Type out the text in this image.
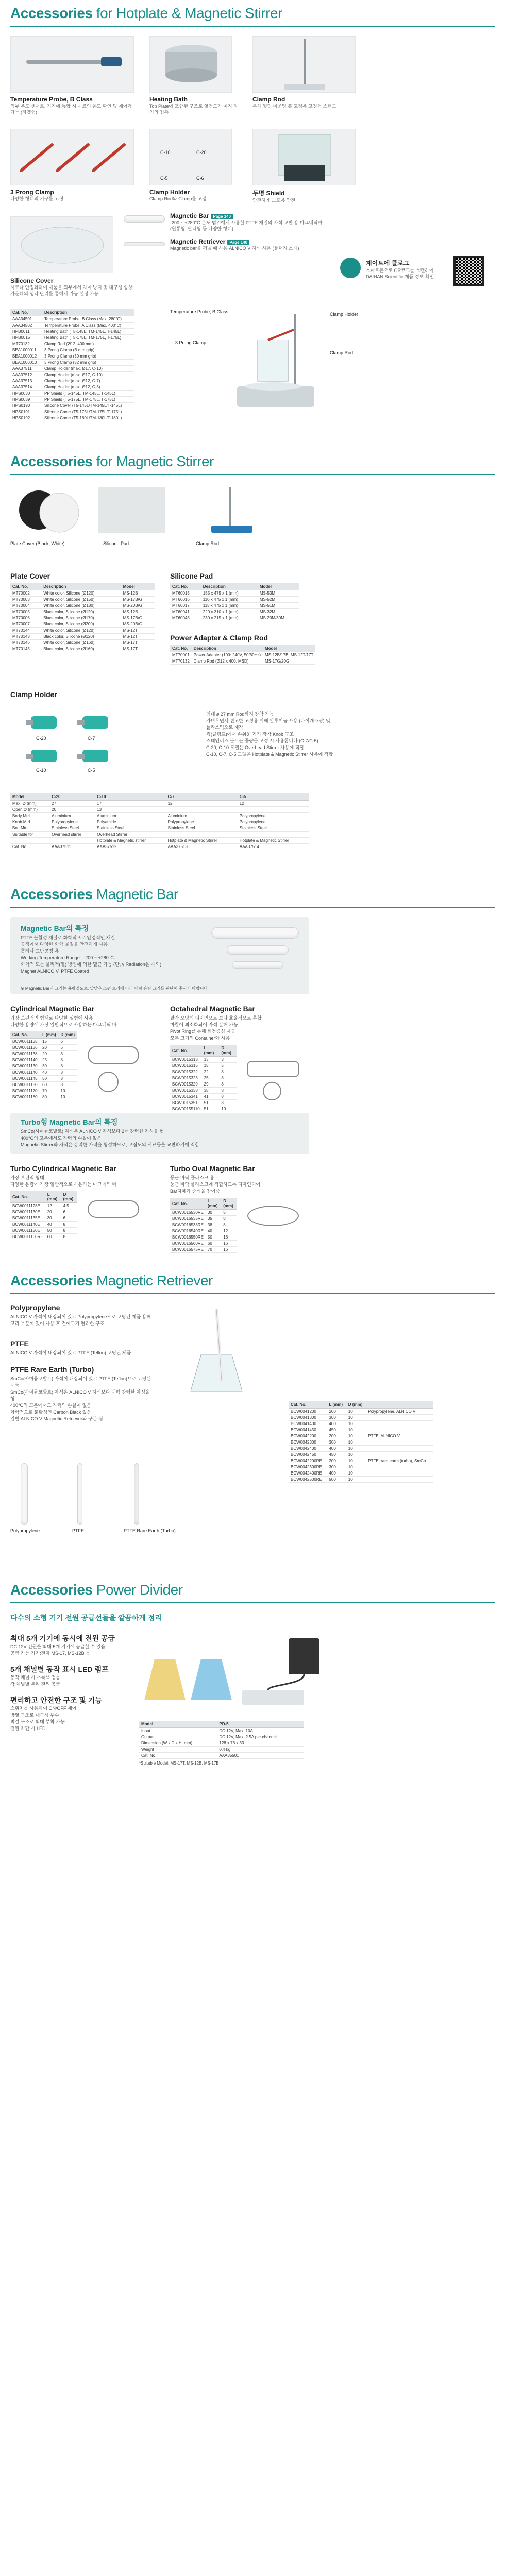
Accessories for Hotplate & Magnetic Stirrer
Temperature Probe, B Class
외부 온도 센서로, 기기에 통합 시 시료의 온도 확인 및 제어가 가능 (타겟형)
Heating Bath
Top Plate에 포함된 구조로 열전도가 미지 타입의 접촉
Clamp Rod
본체 뒷면 마운팅 홀 고정용 고정형 스탠드
C-10	C-20
C-5	C-6
3 Prong Clamp
다양한 형태의 기구를 고정
Clamp Holder
Clamp Rod와 Clamp를 고정
두명 Shield
안전하게 보호용 안전
Magnetic Bar Page 140
-200 ~ +280°C 온도 범위에서 사용할 PTFE 재질의 자석 교반 용 마그네틱바 (원통형, 팔각형 등 다양한 형태)
Magnetic Retriever Page 140
Magnetic bar을 꺼낼 때 사용 ALNICO V 자석 사용 (플랜지 소재)
계이트에 클로그
스마트폰으로 QR코드를 스캔하여 DAIHAN Scientific 제품 정보 확인
Silicone Cover
시료나 안정화하여 제품을 외부에서 차이 방지 및 내구성 향상
가운데의 냉각 단리를 통해서 가능 설정 가능
Cat. No.	Description
AAA34501	Temperature Probe, B Class (Max. 280°C)
AAA34502	Temperature Probe, A Class (Max. 400°C)
HPB0011	Heating Bath (T5-145L, TM-145L, T-145L)
HPB0015	Heating Bath (T5-175L, TM-175L, T-175L)
MT70132	Clamp Rod (Ø12, 400 mm)
BEA1000011	3 Prong Clamp (B mm grip)
BEA1000012	3 Prong Clamp (30 mm grip)
BEA1000013	3 Prong Clamp (32 mm grip)
AAA37511	Clamp Holder (max. Ø17, C-10)
AAA37512	Clamp Holder (max. Ø17, C-10)
AAA37513	Clamp Holder (max. Ø12, C-7)
AAA37514	Clamp Holder (max. Ø12, C-5)
HPS0030	PP Shield (T5-145L, TM-145L, T-145L)
HPS0039	PP Shield (T5-175L, TM-175L, T-175L)
HPS0190	Silicone Cover (T5-145L/TM-145L/T-145L)
HPS0191	Silicone Cover (T5-175L/TM-175L/T-175L)
HPS0192	Silicone Cover (T5-180L/TM-180L/T-180L)
Temperature Probe, B Class	Clamp Holder
3 Prong Clamp
Clamp Rod
Accessories for Magnetic Stirrer
Plate Cover (Black, White)	Silicone Pad	Clamp Rod
Plate Cover
Cat. No.	Description	Model
MT70002	White color, Silicone (Ø120)	MS-12B
MT70003	White color, Silicone (Ø150)	MS-17B/G
MT70004	White color, Silicone (Ø180)	MS-20B/G
MT70005	Black color, Silicone (Ø120)	MS-12B
MT70006	Black color, Silicone (Ø170)	MS-17B/G
MT70007	Black color, Silicone (Ø200)	MS-20B/G
MT70144	White color, Silicone (Ø120)	MS-12T
MT70143	Black color, Silicone (Ø120)	MS-12T
MT70146	White color, Silicone (Ø160)	MS-17T
MT70145	Black color, Silicone (Ø160)	MS-17T
Silicone Pad
Cat. No.	Description	Model
MT60015	155 x 475 x 1 (mm)	MS-53M
MT60016	110 x 475 x 1 (mm)	MS-52M
MT60017	115 x 475 x 1 (mm)	MS-51M
MT60041	220 x 310 x 1 (mm)	MS-32M
MT60045	230 x 215 x 1 (mm)	MS-20M/30M
Power Adapter & Clamp Rod
Cat. No.	Description	Model
MT70001	Power Adapter (100~240V, 50/60Hz)	MS-12B/17B, MS-12T/17T
MT70132	Clamp Rod (Ø12 x 400, MSD)	MS-17G/20G
Clamp Holder
C-20	C-7
C-10	C-5
최대 ø 27 mm Rod까지 장착 가능
가벼우면서 견고한 고정용 위해 알루미늄 사용 (다이캐스팅) 및
플라스틱으로 제작
링(클램프)에서 손쉬운 기기 장착 Knob 구조
스테인리스 볼트는 중량물 고정 시 사용합니다 (C-7/C-5)
C-20, C-10 모델은 Overhead Stirrer 사용에 적합
C-10, C-7, C-5 모델은 Hotplate & Magnetic Stirrer 사용에 적합
Model	C-20	C-10	C-7	C-5
Max. Ø (mm)	27	17	12	12
Open Ø (mm)	20	13		
Body Mtrl.	Aluminium	Aluminium	Aluminium	Polypropylene
Knob Mtrl.	Polypropylene	Polyamide	Polypropylene	Polypropylene
Bolt Mtrl.	Stainless Steel	Stainless Steel	Stainless Steel	Stainless Steel
Suitable for	Overhead stirrer	Overhead Stirrer		
		Hotplate & Magnetic stirrer	Hotplate & Magnetic Stirrer	Hotplate & Magnetic Stirrer
Cat. No.	AAA37511	AAA37512	AAA37513	AAA37514
Accessories Magnetic Bar
Magnetic Bar의 특징
PTFE 불활성 재질로 화학적으로 안정적인 재질
공정에서 다양한 화학 물질을 안전하게 사용
훌라나 교반공정 용
Working Temperature Range : -200 ~ +280°C
화학적 또는 물리적(열) 방법에 의한 멸균 가능 (단, γ Radiation은 제외)
Magnet ALNICO V, PTFE Coated
※ Magnetic Bar의 크기는 용량정도로, 알맞은 스펀 트리에 따라 대략 용량 크기를 판단해 주시기 바랍니다
Cylindrical Magnetic Bar
가장 보편적인 형태로 다양한 실험에 사용
다양한 용량에 가장 일반적으로 사용하는 마그네틱 바
Cat. No.	L (mm)	D (mm)
BCW0011135	15	6
BCW0011136	20	6
BCW0011138	20	8
BCW0011140	25	8
BCW0011130	30	8
BCW0011140	40	8
BCW0011145	50	8
BCW0011150	60	8
BCW0011170	70	10
BCW0011180	80	10
Octahedral Magnetic Bar
팔각 모양의 디자인으로 보다 효율적으로 혼합
마찰이 최소화되어 자석 분해 가능
Pivot Ring를 통해 회전중심 제공
모든 크기의 Container와 사용
Cat. No.	L (mm)	D (mm)
BCW0015313	13	3
BCW0015315	15	5
BCW0015322	22	8
BCW0015325	25	8
BCW0015329	29	8
BCW0015338	38	8
BCW0015341	41	8
BCW0015351	51	8
BCW00155110	51	10

Turbo형 Magnetic Bar의 특징
SmCo(사마륨코발트) 자석은 ALNICO V 자석보다 2배 강력한 자성을 형
400°C의 고온에서도 자력의 손실이 없음
Magnetic Stirrer와 자석은 강력한 자력을 형성하므로, 고점도의 시료들을 교반하기에 적합
Turbo Cylindrical Magnetic Bar
가장 보편적 형태
다양한 용량에 가장 일반적으로 사용하는 마그네틱 바
Cat. No.	L (mm)	D (mm)
BCW0011128E	12	4.5
BCW0011130E	20	6
BCW0011135E	30	6
BCW0011140E	40	8
BCW0011150E	50	8
BCW0011160RE	60	8
Turbo Oval Magnetic Bar
둥근 바닥 플라스크 용
둥근 바닥 플라스크에 적합하도록 디자인되어
Bar자체가 중심을 잡아줌
Cat. No.	L (mm)	D (mm)
BCW0016530RE	30	5
BCW0016535RE	35	8
BCW0016538RE	38	8
BCW0016540RE	40	12
BCW0016550RE	50	16
BCW0016560RE	60	16
BCW0016575RE	70	16
Accessories Magnetic Retriever
Polypropylene
ALNICO V 자석이 내장되어 있고 Polypropylene으로 코팅된 제품 용해 고리 부분이 있어 사용 후 걸어두기 편리한 구조
PTFE
ALNICO V 자석이 내장되어 있고 PTFE (Teflon) 코팅된 제품
PTFE Rare Earth (Turbo)
SmCo(사마륨코발트) 자석이 내장되어 있고 PTFE (Teflon)으로 코팅된 제품
SmCo(사마륨코발트) 자석은 ALNICO V 자석보다 대략 강력한 자성을 형
400°C의 고온에서도 자력의 손실이 없음
화학적으로 불활성인 Carbon Black 있음
일반 ALNICO V Magnetic Retriever와 구분 됨
Polypropylene	PTFE	PTFE Rare Earth (Turbo)
Cat. No.	L (mm)	D (mm)	
BCW0041200	200	10	Polypropylene, ALNICO V
BCW0041300	300	10	
BCW0041400	400	10	
BCW0041450	450	10	
BCW0042200	200	10	PTFE, ALNICO V
BCW0042300	300	10	
BCW0042400	400	10	
BCW0042450	450	10	
BCW0042200RE	200	10	PTFE, rare earth (turbo), SmCo
BCW0042300RE	300	10	
BCW0042400RE	400	10	
BCW0042500RE	500	10	
Accessories Power Divider
다수의 소형 기기 전원 공급선들을 깔끔하게 정리
최대 5개 기기에 동시에 전원 공급
DC 12V 전원을 최대 5개 기기에 공급할 수 있음
공급 가능 기기:전자 MS-17, MS-12B 등
5개 채널별 동작 표시 LED 램프
동작 채널 시 초록색 점등
각 채널별 분리 전원 공급
편리하고 안전한 구조 및 기능
스위치를 사용하여 ON/OFF 제어
방열 구조로 내구성 우수
벽걸 구조로 최대 부착 가능
전원 차단 시 LED
Model	PD-5
Input	DC 12V, Max. 10A
Output	DC 12V, Max. 2.5A per channel
Dimension (W x D x H, mm)	128 x 78 x 33
Weight	0.4 kg
Cat. No.	AAA35501
*Suitable Model: MS-17T, MS-12B, MS-17B
